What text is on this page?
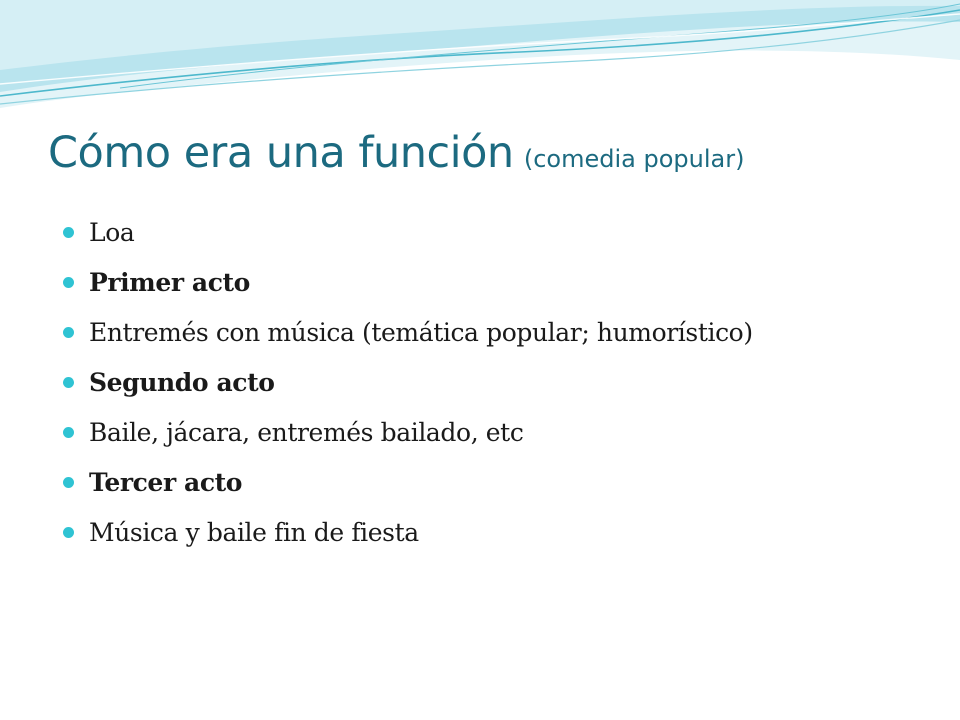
Cómo era una función (comedia popular)
Loa
Primer acto
Entremés con música (temática popular; humorístico)
Segundo acto
Baile, jácara, entremés bailado, etc
Tercer acto
Música y baile fin de fiesta
